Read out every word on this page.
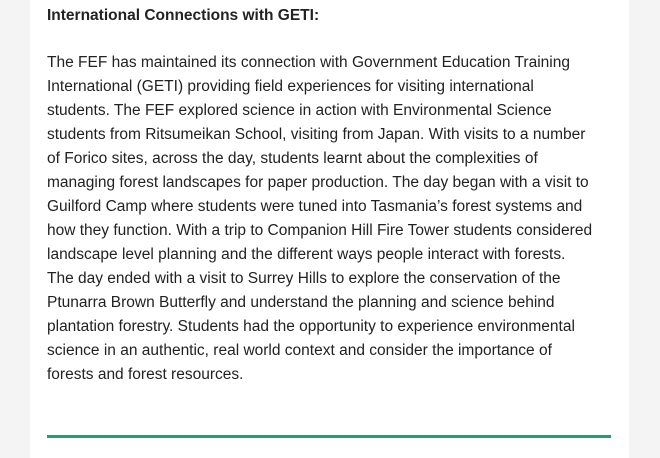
International Connections with GETI:

The FEF has maintained its connection with Government Education Training
International (GETI) providing field experiences for visiting international
students. The FEF explored science in action with Environmental Science
students from Ritsumeikan School, visiting from Japan. With visits to a number
of Forico sites, across the day, students learnt about the complexities of
managing forest landscapes for paper production. The day began with a visit to
Guilford Camp where students were tuned into Tasmania’s forest systems and
how they function. With a trip to Companion Hill Fire Tower students considered
landscape level planning and the different ways people interact with forests.
The day ended with a visit to Surrey Hills to explore the conservation of the
Ptunarra Brown Butterfly and understand the planning and science behind
plantation forestry. Students had the opportunity to experience environmental
science in an authentic, real world context and consider the importance of
forests and forest resources.
